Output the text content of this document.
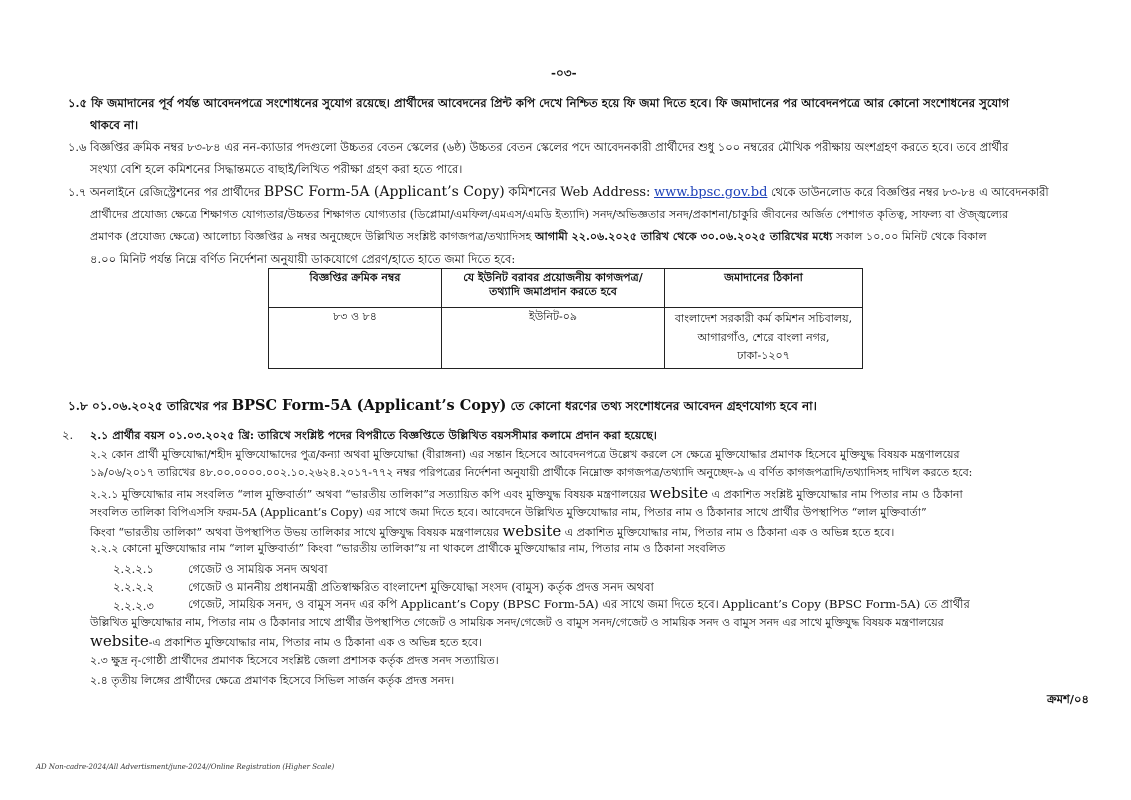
-০৩-
১.৫ ফি জমাদানের পূর্ব পর্যন্ত আবেদনপত্রে সংশোধনের সুযোগ রয়েছে। প্রার্থীদের আবেদনের প্রিন্ট কপি দেখে নিশ্চিত হয়ে ফি জমা দিতে হবে। ফি জমাদানের পর আবেদনপত্রে আর কোনো সংশোধনের সুযোগ
থাকবে না।
১.৬ বিজ্ঞপ্তির ক্রমিক নম্বর ৮৩-৮৪ এর নন-ক্যাডার পদগুলো উচ্চতর বেতন স্কেলের (৬ষ্ঠ) উচ্চতর বেতন স্কেলের পদে আবেদনকারী প্রার্থীদের শুধু ১০০ নম্বরের মৌখিক পরীক্ষায় অংশগ্রহণ করতে হবে। তবে প্রার্থীর
সংখ্যা বেশি হলে কমিশনের সিদ্ধান্তমতে বাছাই/লিখিত পরীক্ষা গ্রহণ করা হতে পারে।
১.৭ অনলাইনে রেজিস্ট্রেশনের পর প্রার্থীদের BPSC Form-5A (Applicant’s Copy) কমিশনের Web Address: www.bpsc.gov.bd থেকে ডাউনলোড করে বিজ্ঞপ্তির নম্বর ৮৩-৮৪ এ আবেদনকারী
প্রার্থীদের প্রযোজ্য ক্ষেত্রে শিক্ষাগত যোগ্যতার/উচ্চতর শিক্ষাগত যোগ্যতার (ডিপ্লোমা/এমফিল/এমএস/এমডি ইত্যাদি) সনদ/অভিজ্ঞতার সনদ/প্রকাশনা/চাকুরি জীবনের অর্জিত পেশাগত কৃতিত্ব, সাফল্য বা ঔজ্জ্বল্যের
প্রমাণক (প্রযোজ্য ক্ষেত্রে) আলোচ্য বিজ্ঞপ্তির ৯ নম্বর অনুচ্ছেদে উল্লিখিত সংশ্লিষ্ট কাগজপত্র/তথ্যাদিসহ আগামী ২২.০৬.২০২৫ তারিখ থেকে ৩০.০৬.২০২৫ তারিখের মধ্যে সকাল ১০.০০ মিনিট থেকে বিকাল
৪.০০ মিনিট পর্যন্ত নিম্নে বর্ণিত নির্দেশনা অনুযায়ী ডাকযোগে প্রেরণ/হাতে হাতে জমা দিতে হবে:
বিজ্ঞপ্তির ক্রমিক নম্বর	যে ইউনিট বরাবর প্রয়োজনীয় কাগজপত্র/তথ্যাদি জমাপ্রদান করতে হবে	জমাদানের ঠিকানা
৮৩ ও ৮৪	ইউনিট-০৯	বাংলাদেশ সরকারী কর্ম কমিশন সচিবালয়, আগারগাঁও, শেরে বাংলা নগর, ঢাকা-১২০৭
১.৮ ০১.০৬.২০২৫ তারিখের পর BPSC Form-5A (Applicant’s Copy) তে কোনো ধরণের তথ্য সংশোধনের আবেদন গ্রহণযোগ্য হবে না।
২. ২.১ প্রার্থীর বয়স ০১.০৩.২০২৫ খ্রি: তারিখে সংশ্লিষ্ট পদের বিপরীতে বিজ্ঞপ্তিতে উল্লিখিত বয়সসীমার কলামে প্রদান করা হয়েছে।
২.২ কোন প্রার্থী মুক্তিযোদ্ধা/শহীদ মুক্তিযোদ্ধাদের পুত্র/কন্যা অথবা মুক্তিযোদ্ধা (বীরাঙ্গনা) এর সন্তান হিসেবে আবেদনপত্রে উল্লেখ করলে সে ক্ষেত্রে মুক্তিযোদ্ধার প্রমাণক হিসেবে মুক্তিযুদ্ধ বিষয়ক মন্ত্রণালয়ের
১৯/০৬/২০১৭ তারিখের ৪৮.০০.০০০০.০০২.১০.২৬২৪.২০১৭-৭৭২ নম্বর পরিপত্রের নির্দেশনা অনুযায়ী প্রার্থীকে নিম্নোক্ত কাগজপত্র/তথ্যাদি অনুচ্ছেদ-৯ এ বর্ণিত কাগজপত্রাদি/তথ্যাদিসহ দাখিল করতে হবে:
২.২.১ মুক্তিযোদ্ধার নাম সংবলিত “লাল মুক্তিবার্তা” অথবা “ভারতীয় তালিকা”র সত্যায়িত কপি এবং মুক্তিযুদ্ধ বিষয়ক মন্ত্রণালয়ের website এ প্রকাশিত সংশ্লিষ্ট মুক্তিযোদ্ধার নাম পিতার নাম ও ঠিকানা
সংবলিত তালিকা বিপিএসসি ফরম-5A (Applicant’s Copy) এর সাথে জমা দিতে হবে। আবেদনে উল্লিখিত মুক্তিযোদ্ধার নাম, পিতার নাম ও ঠিকানার সাথে প্রার্থীর উপস্থাপিত “লাল মুক্তিবার্তা”
কিংবা “ভারতীয় তালিকা” অথবা উপস্থাপিত উভয় তালিকার সাথে মুক্তিযুদ্ধ বিষয়ক মন্ত্রণালয়ের website এ প্রকাশিত মুক্তিযোদ্ধার নাম, পিতার নাম ও ঠিকানা এক ও অভিন্ন হতে হবে।
২.২.২ কোনো মুক্তিযোদ্ধার নাম “লাল মুক্তিবার্তা” কিংবা “ভারতীয় তালিকা”য় না থাকলে প্রার্থীকে মুক্তিযোদ্ধার নাম, পিতার নাম ও ঠিকানা সংবলিত
২.২.২.১	গেজেট ও সাময়িক সনদ অথবা
২.২.২.২	গেজেট ও মাননীয় প্রধানমন্ত্রী প্রতিস্বাক্ষরিত বাংলাদেশ মুক্তিযোদ্ধা সংসদ (বামুস) কর্তৃক প্রদত্ত সনদ অথবা
২.২.২.৩	গেজেট, সাময়িক সনদ, ও বামুস সনদ এর কপি Applicant’s Copy (BPSC Form-5A) এর সাথে জমা দিতে হবে। Applicant’s Copy (BPSC Form-5A) তে প্রার্থীর
উল্লিখিত মুক্তিযোদ্ধার নাম, পিতার নাম ও ঠিকানার সাথে প্রার্থীর উপস্থাপিত গেজেট ও সাময়িক সনদ/গেজেট ও বামুস সনদ/গেজেট ও সাময়িক সনদ ও বামুস সনদ এর সাথে মুক্তিযুদ্ধ বিষয়ক মন্ত্রণালয়ের
website-এ প্রকাশিত মুক্তিযোদ্ধার নাম, পিতার নাম ও ঠিকানা এক ও অভিন্ন হতে হবে।
২.৩ ক্ষুদ্র নৃ-গোষ্ঠী প্রার্থীদের প্রমাণক হিসেবে সংশ্লিষ্ট জেলা প্রশাসক কর্তৃক প্রদত্ত সনদ সত্যায়িত।
২.৪ তৃতীয় লিঙ্গের প্রার্থীদের ক্ষেত্রে প্রমাণক হিসেবে সিভিল সার্জন কর্তৃক প্রদত্ত সনদ।
ক্রমশ/০৪
AD Non-cadre-2024/All Advertisment/june-2024//Online Registration (Higher Scale)
